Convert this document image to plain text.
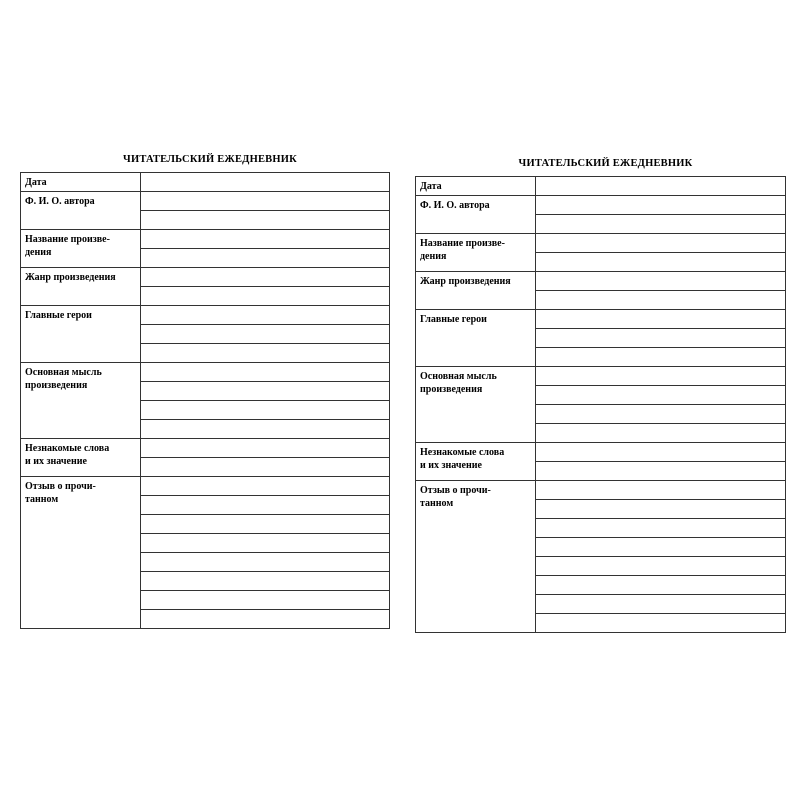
ЧИТАТЕЛЬСКИЙ ЕЖЕДНЕВНИК
Дата	
Ф. И. О. автора	

Название произве-
дения	

Жанр произведения	

Главные герои	

Основная мысль
произведения	

Незнакомые слова
и их значение	

Отзыв о прочи-
танном	

ЧИТАТЕЛЬСКИЙ ЕЖЕДНЕВНИК
Дата	
Ф. И. О. автора	

Название произве-
дения	

Жанр произведения	

Главные герои	

Основная мысль
произведения	

Незнакомые слова
и их значение	

Отзыв о прочи-
танном	
